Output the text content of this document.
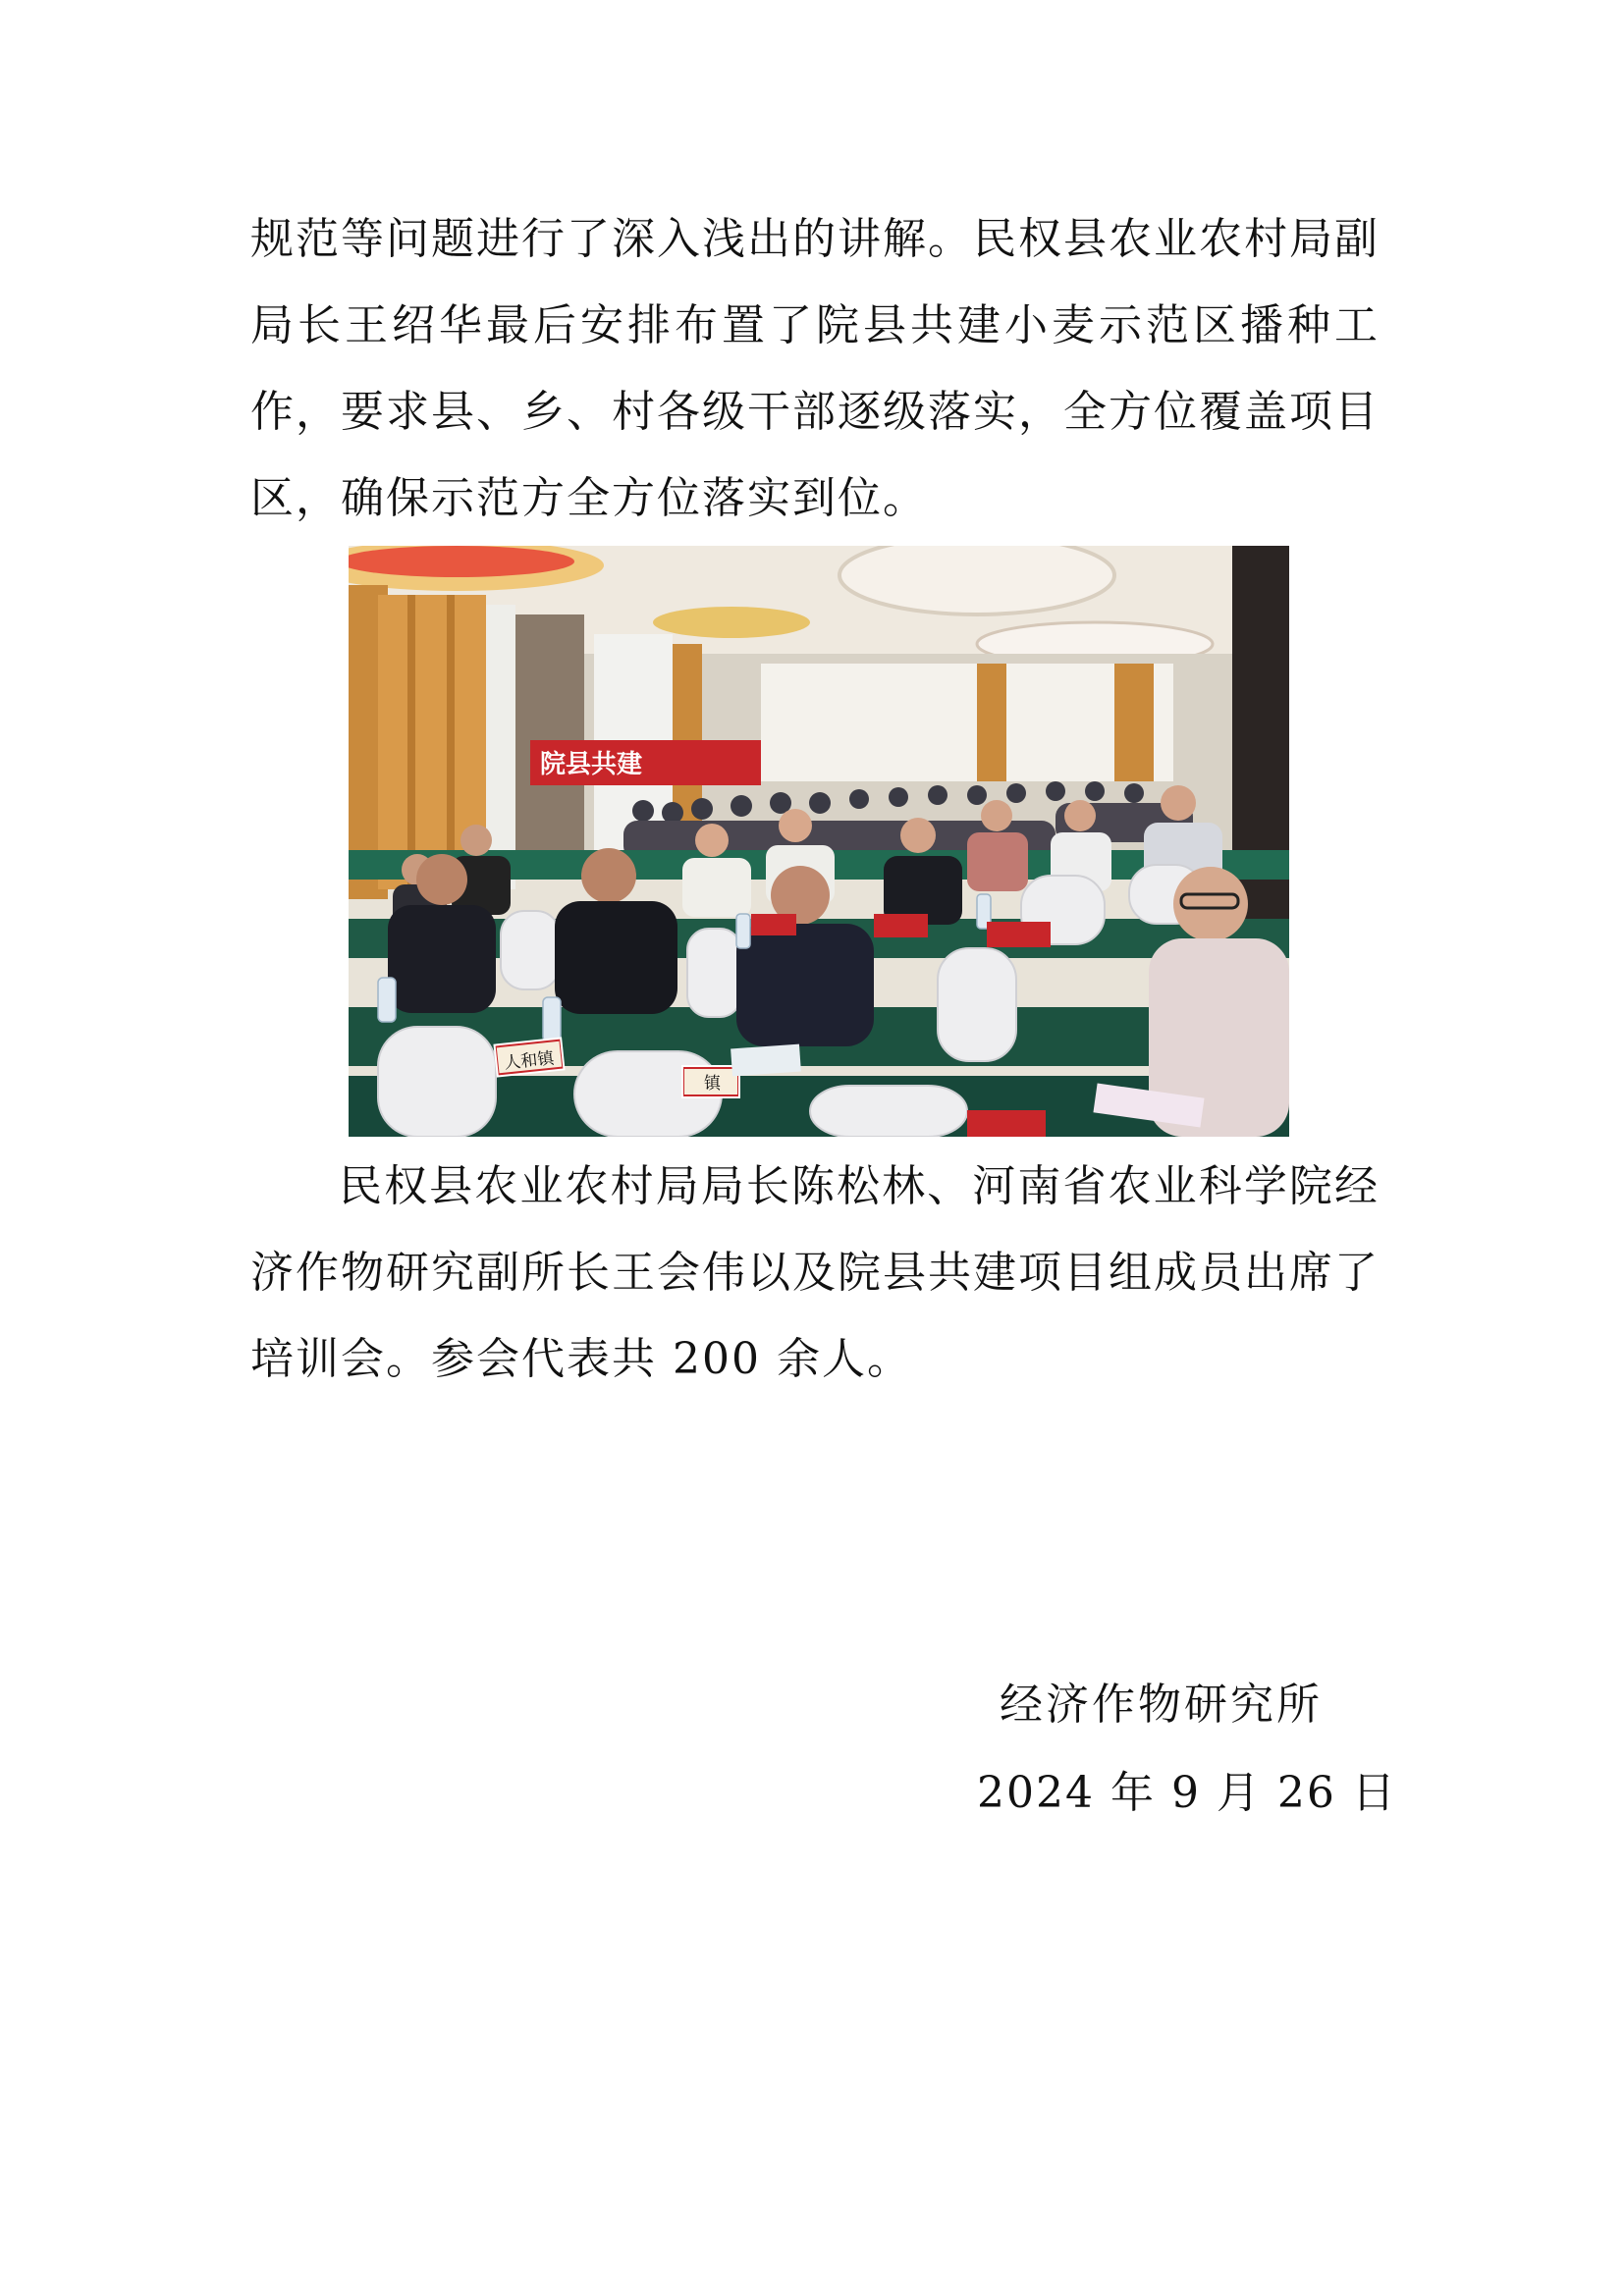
规范等问题进行了深入浅出的讲解。民权县农业农村局副局长王绍华最后安排布置了院县共建小麦示范区播种工作，要求县、乡、村各级干部逐级落实，全方位覆盖项目区，确保示范方全方位落实到位。

院县共建
人和镇
镇

民权县农业农村局局长陈松林、河南省农业科学院经济作物研究副所长王会伟以及院县共建项目组成员出席了培训会。参会代表共 200 余人。

经济作物研究所
2024 年 9 月 26 日
